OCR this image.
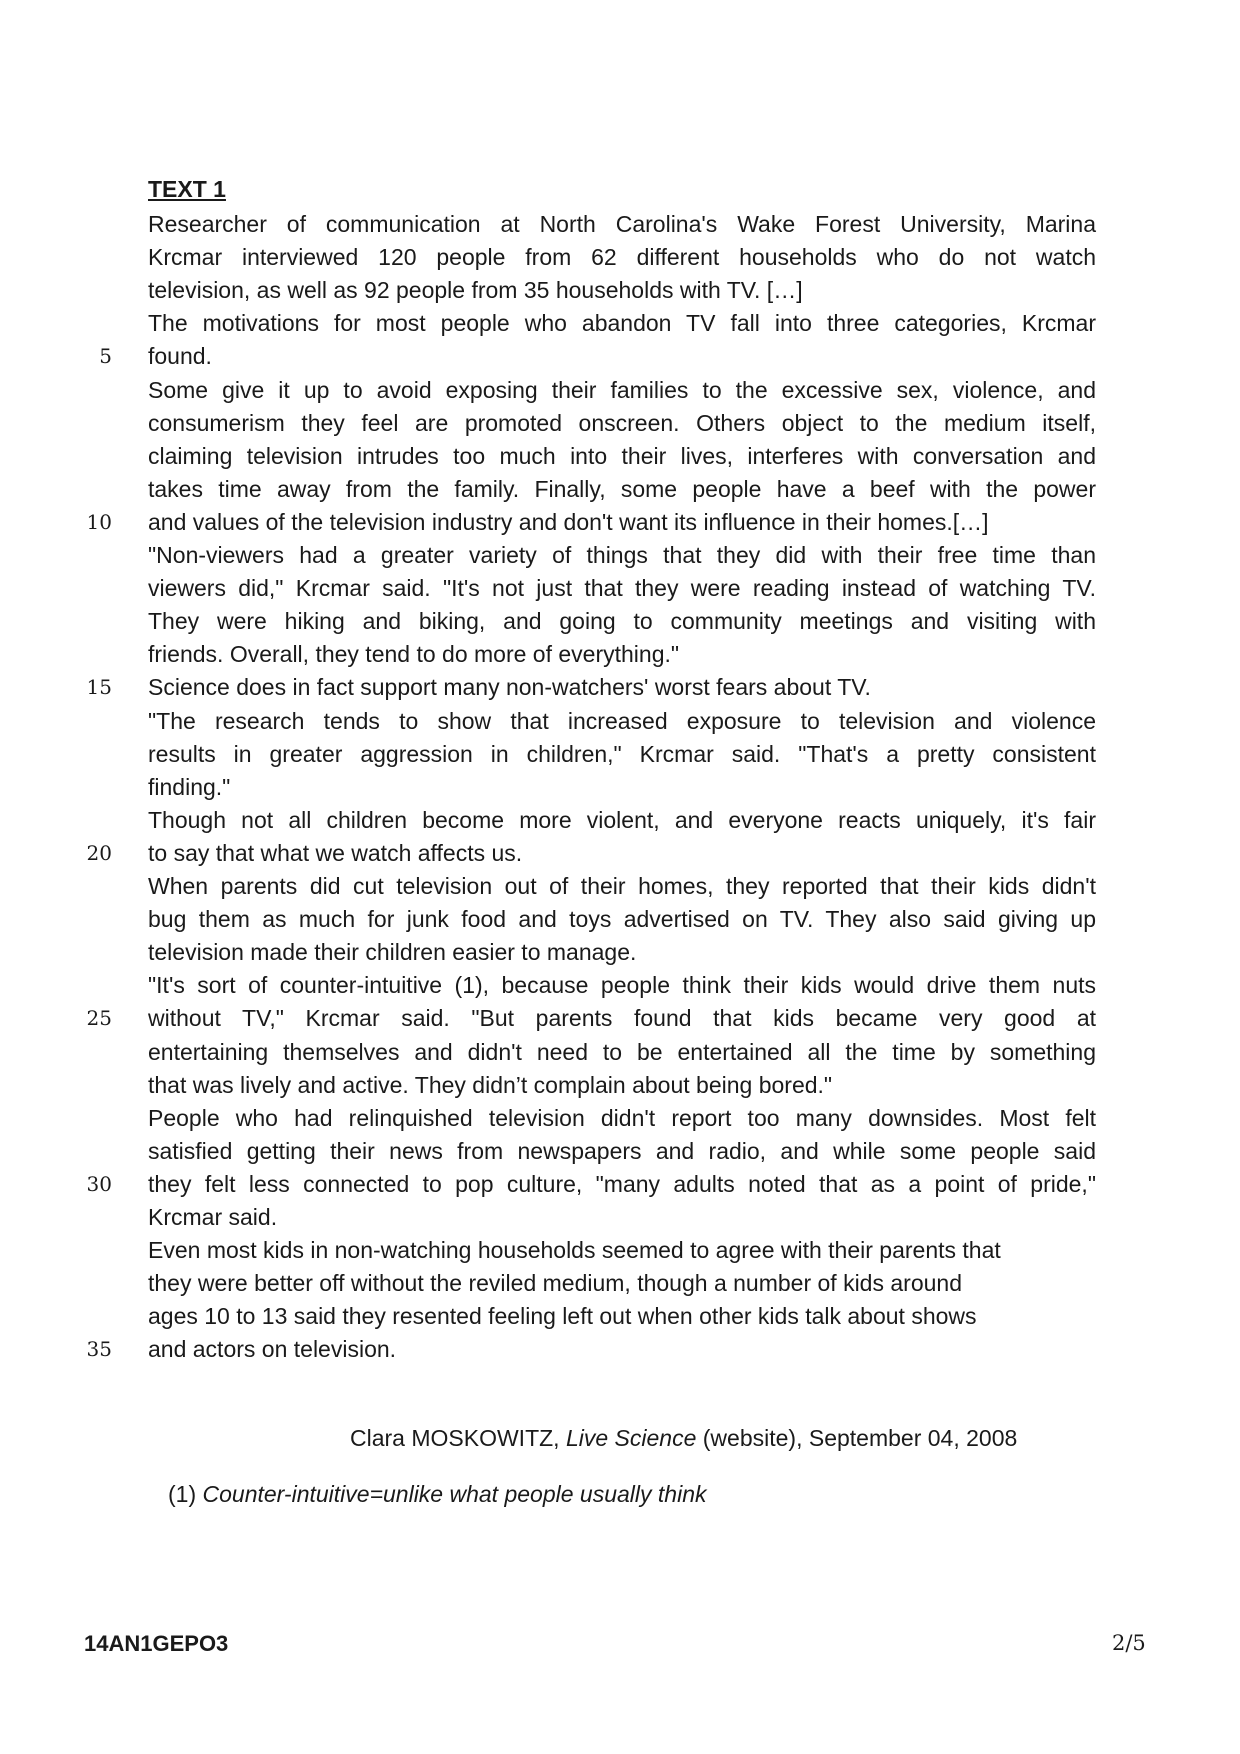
TEXT 1
Researcher of communication at North Carolina's Wake Forest University, Marina
Krcmar interviewed 120 people from 62 different households who do not watch
television, as well as 92 people from 35 households with TV. […]
The motivations for most people who abandon TV fall into three categories, Krcmar
found.
Some give it up to avoid exposing their families to the excessive sex, violence, and
consumerism they feel are promoted onscreen. Others object to the medium itself,
claiming television intrudes too much into their lives, interferes with conversation and
takes time away from the family. Finally, some people have a beef with the power
and values of the television industry and don't want its influence in their homes.[…]
"Non-viewers had a greater variety of things that they did with their free time than
viewers did," Krcmar said. "It's not just that they were reading instead of watching TV.
They were hiking and biking, and going to community meetings and visiting with
friends. Overall, they tend to do more of everything."
Science does in fact support many non-watchers' worst fears about TV.
"The research tends to show that increased exposure to television and violence
results in greater aggression in children," Krcmar said. "That's a pretty consistent
finding."
Though not all children become more violent, and everyone reacts uniquely, it's fair
to say that what we watch affects us.
When parents did cut television out of their homes, they reported that their kids didn't
bug them as much for junk food and toys advertised on TV. They also said giving up
television made their children easier to manage.
"It's sort of counter-intuitive (1), because people think their kids would drive them nuts
without TV," Krcmar said. "But parents found that kids became very good at
entertaining themselves and didn't need to be entertained all the time by something
that was lively and active. They didn’t complain about being bored."
People who had relinquished television didn't report too many downsides. Most felt
satisfied getting their news from newspapers and radio, and while some people said
they felt less connected to pop culture, "many adults noted that as a point of pride,"
Krcmar said.
Even most kids in non-watching households seemed to agree with their parents that
they were better off without the reviled medium, though a number of kids around
ages 10 to 13 said they resented feeling left out when other kids talk about shows
and actors on television.
5
10
15
20
25
30
35
Clara MOSKOWITZ, Live Science (website), September 04, 2008
(1) Counter-intuitive=unlike what people usually think
14AN1GEPO3	2/5
